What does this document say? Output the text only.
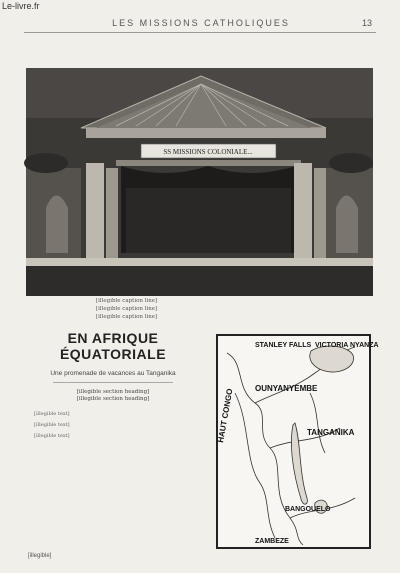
Le-livre.fr
LES MISSIONS CATHOLIQUES	13
SS MISSIONS COLONIALE...
[illegible caption line]
[illegible caption line]
[illegible caption line]
EN AFRIQUE ÉQUATORIALE
Une promenade de vacances au Tanganika
[illegible section heading]
[illegible section heading]

[illegible text]

[illegible text]

[illegible text]

STANLEY FALLS VICTORIA NYANZA
OUNYANYEMBE
TANGANIKA
HAUT CONGO
BANGOUELO
ZAMBEZE
[illegible]
